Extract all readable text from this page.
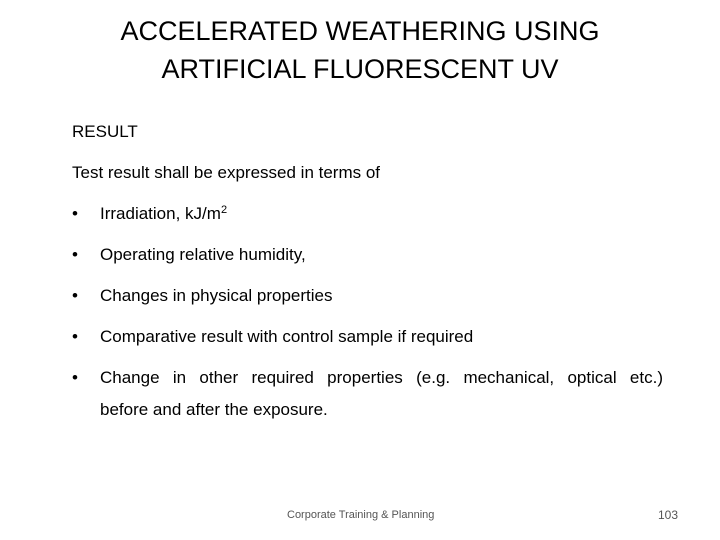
ACCELERATED WEATHERING USING
ARTIFICIAL FLUORESCENT UV
RESULT
Test result shall be expressed in terms of
•	Irradiation, $kJ/m^2$
•	Operating relative humidity,
•	Changes in physical properties
•	Comparative result with control sample if required
•	Change in other required properties (e.g. mechanical, optical etc.)
before and after the exposure.
Corporate Training & Planning	103
